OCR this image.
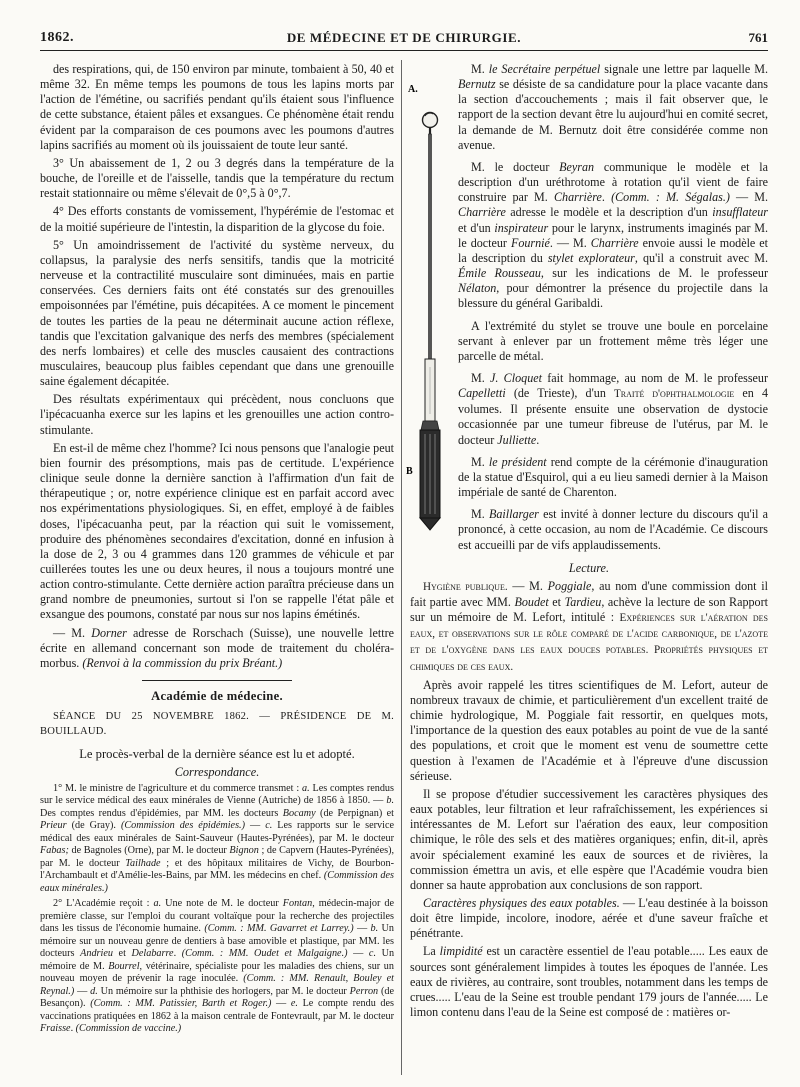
1862.	DE MÉDECINE ET DE CHIRURGIE.	761

des respirations, qui, de 150 environ par minute, tombaient à 50, 40 et même 32. En même temps les poumons de tous les lapins morts par l'action de l'émétine, ou sacrifiés pendant qu'ils étaient sous l'influence de cette substance, étaient pâles et exsangues. Ce phénomène était rendu évident par la comparaison de ces poumons avec les poumons d'autres lapins sacrifiés au moment où ils jouissaient de toute leur santé.

3° Un abaissement de 1, 2 ou 3 degrés dans la température de la bouche, de l'oreille et de l'aisselle, tandis que la température du rectum restait stationnaire ou même s'élevait de 0°,5 à 0°,7.

4° Des efforts constants de vomissement, l'hypérémie de l'estomac et de la moitié supérieure de l'intestin, la disparition de la glycose du foie.

5° Un amoindrissement de l'activité du système nerveux, du collapsus, la paralysie des nerfs sensitifs, tandis que la motricité nerveuse et la contractilité musculaire sont diminuées, mais en partie conservées. Ces derniers faits ont été constatés sur des grenouilles empoisonnées par l'émétine, puis décapitées. A ce moment le pincement de toutes les parties de la peau ne déterminait aucune action réflexe, tandis que l'excitation galvanique des nerfs des membres (spécialement des nerfs lombaires) et celle des muscles causaient des contractions musculaires, beaucoup plus faibles cependant que dans une grenouille saine également décapitée.

Des résultats expérimentaux qui précèdent, nous concluons que l'ipécacuanha exerce sur les lapins et les grenouilles une action contro-stimulante.

En est-il de même chez l'homme? Ici nous pensons que l'analogie peut bien fournir des présomptions, mais pas de certitude. L'expérience clinique seule donne la dernière sanction à l'affirmation d'un fait de thérapeutique ; or, notre expérience clinique est en parfait accord avec nos expérimentations physiologiques. Si, en effet, employé à de faibles doses, l'ipécacuanha peut, par la réaction qui suit le vomissement, produire des phénomènes secondaires d'excitation, donné en infusion à la dose de 2, 3 ou 4 grammes dans 120 grammes de véhicule et par cuillerées toutes les une ou deux heures, il nous a toujours montré une action contro-stimulante. Cette dernière action paraîtra précieuse dans un grand nombre de pneumonies, surtout si l'on se rappelle l'état pâle et exsangue des poumons, constaté par nous sur nos lapins émétinés.

— M. Dorner adresse de Rorschach (Suisse), une nouvelle lettre écrite en allemand concernant son mode de traitement du choléra-morbus. (Renvoi à la commission du prix Bréant.)

Académie de médecine.

SÉANCE DU 25 NOVEMBRE 1862. — PRÉSIDENCE DE M. BOUILLAUD.

Le procès-verbal de la dernière séance est lu et adopté.

Correspondance.

1° M. le ministre de l'agriculture et du commerce transmet : a. Les comptes rendus sur le service médical des eaux minérales de Vienne (Autriche) de 1856 à 1850. — b. Des comptes rendus d'épidémies, par MM. les docteurs Bocamy (de Perpignan) et Prieur (de Gray). (Commission des épidémies.) — c. Les rapports sur le service médical des eaux minérales de Saint-Sauveur (Hautes-Pyrénées), par M. le docteur Fabas; de Bagnoles (Orne), par M. le docteur Bignon ; de Capvern (Hautes-Pyrénées), par M. le docteur Tailhade ; et des hôpitaux militaires de Vichy, de Bourbon-l'Archambault et d'Amélie-les-Bains, par MM. les médecins en chef. (Commission des eaux minérales.)

2° L'Académie reçoit : a. Une note de M. le docteur Fontan, médecin-major de première classe, sur l'emploi du courant voltaïque pour la recherche des projectiles dans les tissus de l'économie humaine. (Comm. : MM. Gavarret et Larrey.) — b. Un mémoire sur un nouveau genre de dentiers à base amovible et plastique, par MM. les docteurs Andrieu et Delabarre. (Comm. : MM. Oudet et Malgaigne.) — c. Un mémoire de M. Bourrel, vétérinaire, spécialiste pour les maladies des chiens, sur un nouveau moyen de prévenir la rage inoculée. (Comm. : MM. Renault, Bouley et Reynal.) — d. Un mémoire sur la phthisie des horlogers, par M. le docteur Perron (de Besançon). (Comm. : MM. Patissier, Barth et Roger.) — e. Le compte rendu des vaccinations pratiquées en 1862 à la maison centrale de Fontevrault, par M. le docteur Fraisse. (Commission de vaccine.)

A.
B

M. le Secrétaire perpétuel signale une lettre par laquelle M. Bernutz se désiste de sa candidature pour la place vacante dans la section d'accouchements ; mais il fait observer que, le rapport de la section devant être lu aujourd'hui en comité secret, la demande de M. Bernutz doit être considérée comme non avenue.

M. le docteur Beyran communique le modèle et la description d'un uréthrotome à rotation qu'il vient de faire construire par M. Charrière. (Comm. : M. Ségalas.) — M. Charrière adresse le modèle et la description d'un insufflateur et d'un inspirateur pour le larynx, instruments imaginés par M. le docteur Fournié. — M. Charrière envoie aussi le modèle et la description du stylet explorateur, qu'il a construit avec M. Émile Rousseau, sur les indications de M. le professeur Nélaton, pour démontrer la présence du projectile dans la blessure du général Garibaldi.

A l'extrémité du stylet se trouve une boule en porcelaine servant à enlever par un frottement même très léger une parcelle de métal.

M. J. Cloquet fait hommage, au nom de M. le professeur Capelletti (de Trieste), d'un Traité d'ophthalmologie en 4 volumes. Il présente ensuite une observation de dystocie occasionnée par une tumeur fibreuse de l'utérus, par M. le docteur Julliette.

M. le président rend compte de la cérémonie d'inauguration de la statue d'Esquirol, qui a eu lieu samedi dernier à la Maison impériale de santé de Charenton.

M. Baillarger est invité à donner lecture du discours qu'il a prononcé, à cette occasion, au nom de l'Académie. Ce discours est accueilli par de vifs applaudissements.

Lecture.

Hygiène publique. — M. Poggiale, au nom d'une commission dont il fait partie avec MM. Boudet et Tardieu, achève la lecture de son Rapport sur un mémoire de M. Lefort, intitulé : Expériences sur l'aération des eaux, et observations sur le rôle comparé de l'acide carbonique, de l'azote et de l'oxygène dans les eaux douces potables. Propriétés physiques et chimiques de ces eaux.

Après avoir rappelé les titres scientifiques de M. Lefort, auteur de nombreux travaux de chimie, et particulièrement d'un excellent traité de chimie hydrologique, M. Poggiale fait ressortir, en quelques mots, l'importance de la question des eaux potables au point de vue de la santé des populations, et croit que le moment est venu de soumettre cette question à l'examen de l'Académie et à l'épreuve d'une discussion sérieuse.

Il se propose d'étudier successivement les caractères physiques des eaux potables, leur filtration et leur rafraîchissement, les expériences si intéressantes de M. Lefort sur l'aération des eaux, leur composition chimique, le rôle des sels et des matières organiques; enfin, dit-il, après avoir spécialement examiné les eaux de sources et de rivières, la commission émettra un avis, et elle espère que l'Académie voudra bien donner sa haute approbation aux conclusions de son rapport.

Caractères physiques des eaux potables. — L'eau destinée à la boisson doit être limpide, incolore, inodore, aérée et d'une saveur fraîche et pénétrante.

La limpidité est un caractère essentiel de l'eau potable..... Les eaux de sources sont généralement limpides à toutes les époques de l'année. Les eaux de rivières, au contraire, sont troubles, notamment dans les temps de crues..... L'eau de la Seine est trouble pendant 179 jours de l'année..... Le limon contenu dans l'eau de la Seine est composé de : matières or-
